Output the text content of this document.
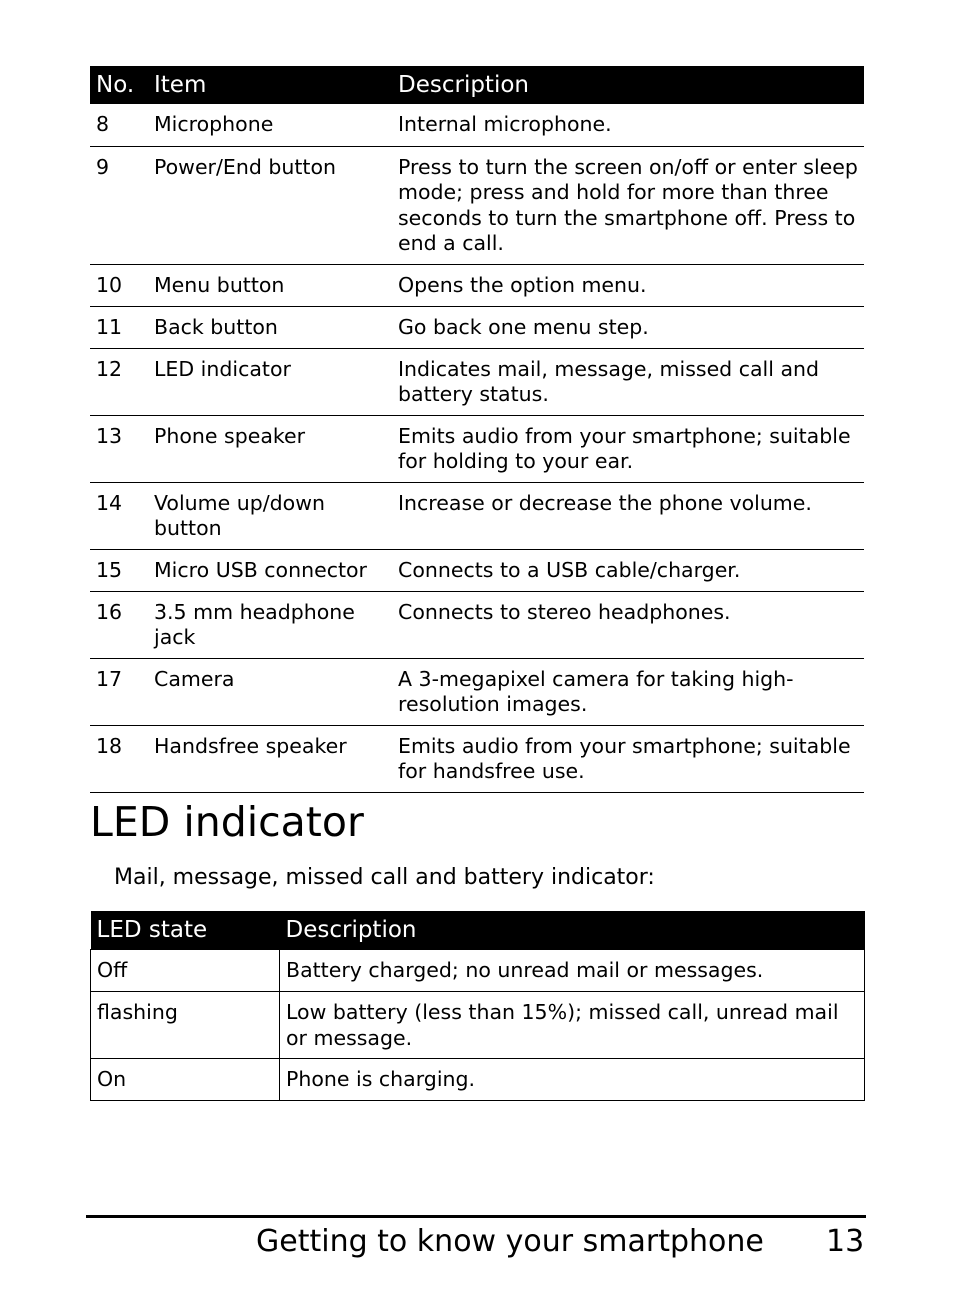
No.	Item	Description
8	Microphone	Internal microphone.
9	Power/End button	Press to turn the screen on/off or enter sleep mode; press and hold for more than three seconds to turn the smartphone off. Press to end a call.
10	Menu button	Opens the option menu.
11	Back button	Go back one menu step.
12	LED indicator	Indicates mail, message, missed call and battery status.
13	Phone speaker	Emits audio from your smartphone; suitable for holding to your ear.
14	Volume up/down button	Increase or decrease the phone volume.
15	Micro USB connector	Connects to a USB cable/charger.
16	3.5 mm headphone jack	Connects to stereo headphones.
17	Camera	A 3-megapixel camera for taking high-resolution images.
18	Handsfree speaker	Emits audio from your smartphone; suitable for handsfree use.
LED indicator
Mail, message, missed call and battery indicator:
LED state	Description
Off	Battery charged; no unread mail or messages.
flashing	Low battery (less than 15%); missed call, unread mail or message.
On	Phone is charging.
Getting to know your smartphone 13
